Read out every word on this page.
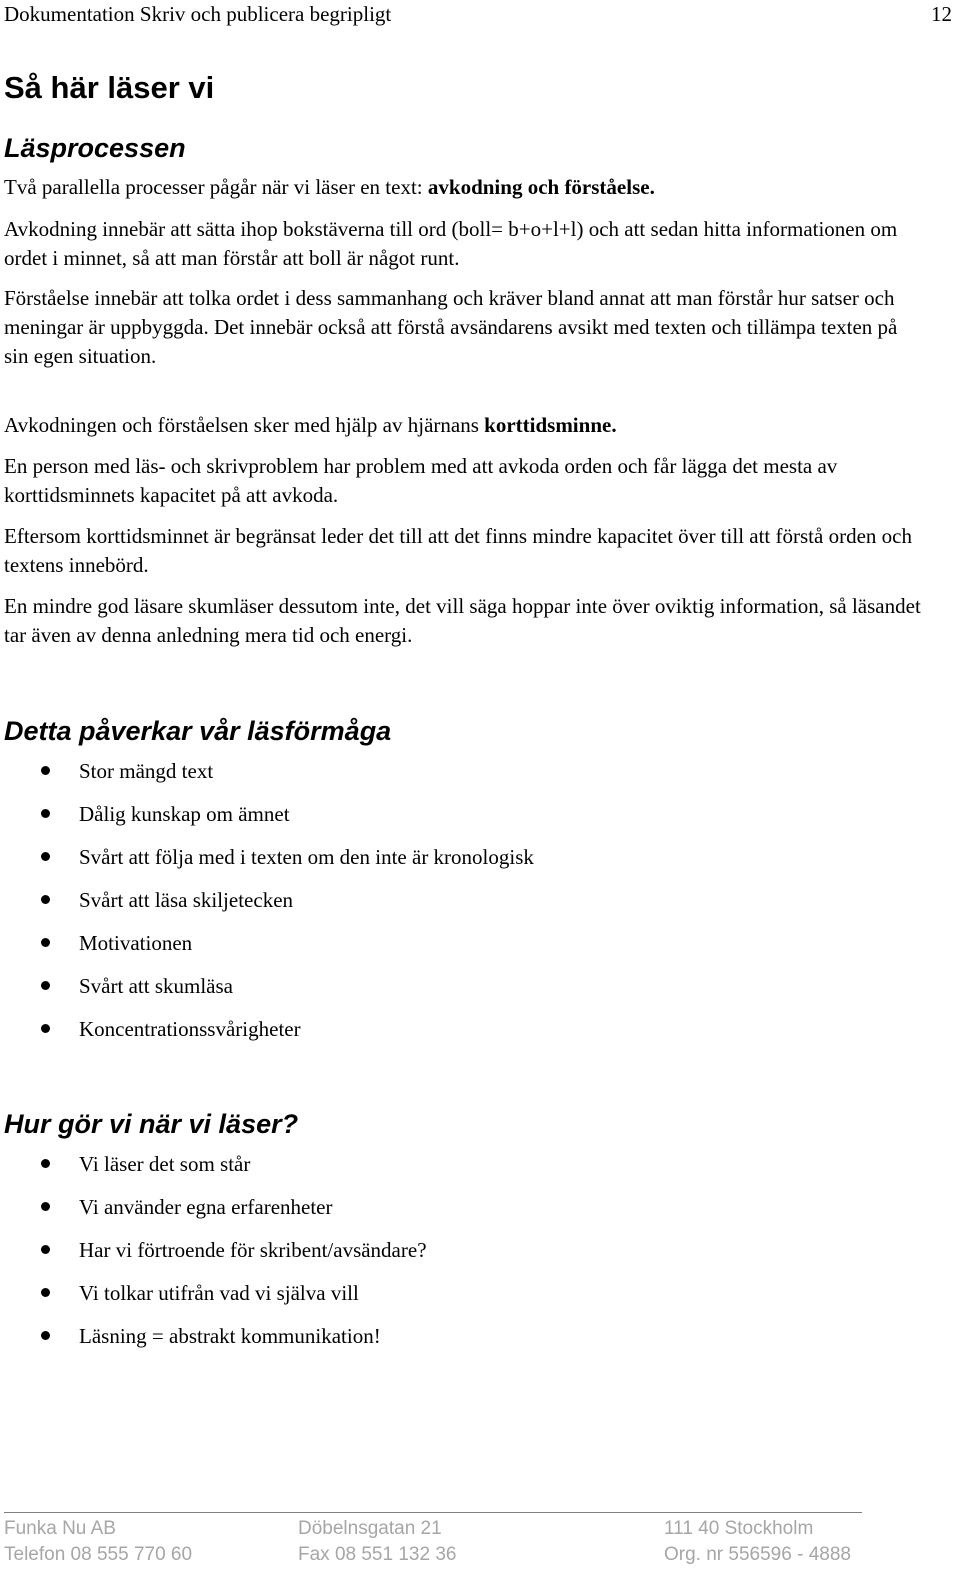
Dokumentation Skriv och publicera begripligt	12
Så här läser vi
Läsprocessen

Två parallella processer pågår när vi läser en text: avkodning och förståelse.

Avkodning innebär att sätta ihop bokstäverna till ord (boll= b+o+l+l) och att sedan hitta informationen om ordet i minnet, så att man förstår att boll är något runt.

Förståelse innebär att tolka ordet i dess sammanhang och kräver bland annat att man förstår hur satser och meningar är uppbyggda. Det innebär också att förstå avsändarens avsikt med texten och tillämpa texten på sin egen situation.

Avkodningen och förståelsen sker med hjälp av hjärnans korttidsminne.

En person med läs- och skrivproblem har problem med att avkoda orden och får lägga det mesta av korttidsminnets kapacitet på att avkoda.

Eftersom korttidsminnet är begränsat leder det till att det finns mindre kapacitet över till att förstå orden och textens innebörd.

En mindre god läsare skumläser dessutom inte, det vill säga hoppar inte över oviktig information, så läsandet tar även av denna anledning mera tid och energi.

Detta påverkar vår läsförmåga
Stor mängd text
Dålig kunskap om ämnet
Svårt att följa med i texten om den inte är kronologisk
Svårt att läsa skiljetecken
Motivationen
Svårt att skumläsa
Koncentrationssvårigheter
Hur gör vi när vi läser?
Vi läser det som står
Vi använder egna erfarenheter
Har vi förtroende för skribent/avsändare?
Vi tolkar utifrån vad vi själva vill
Läsning = abstrakt kommunikation!
Funka Nu AB
Telefon 08 555 770 60
Döbelnsgatan 21
Fax 08 551 132 36
111 40 Stockholm
Org. nr 556596 - 4888
